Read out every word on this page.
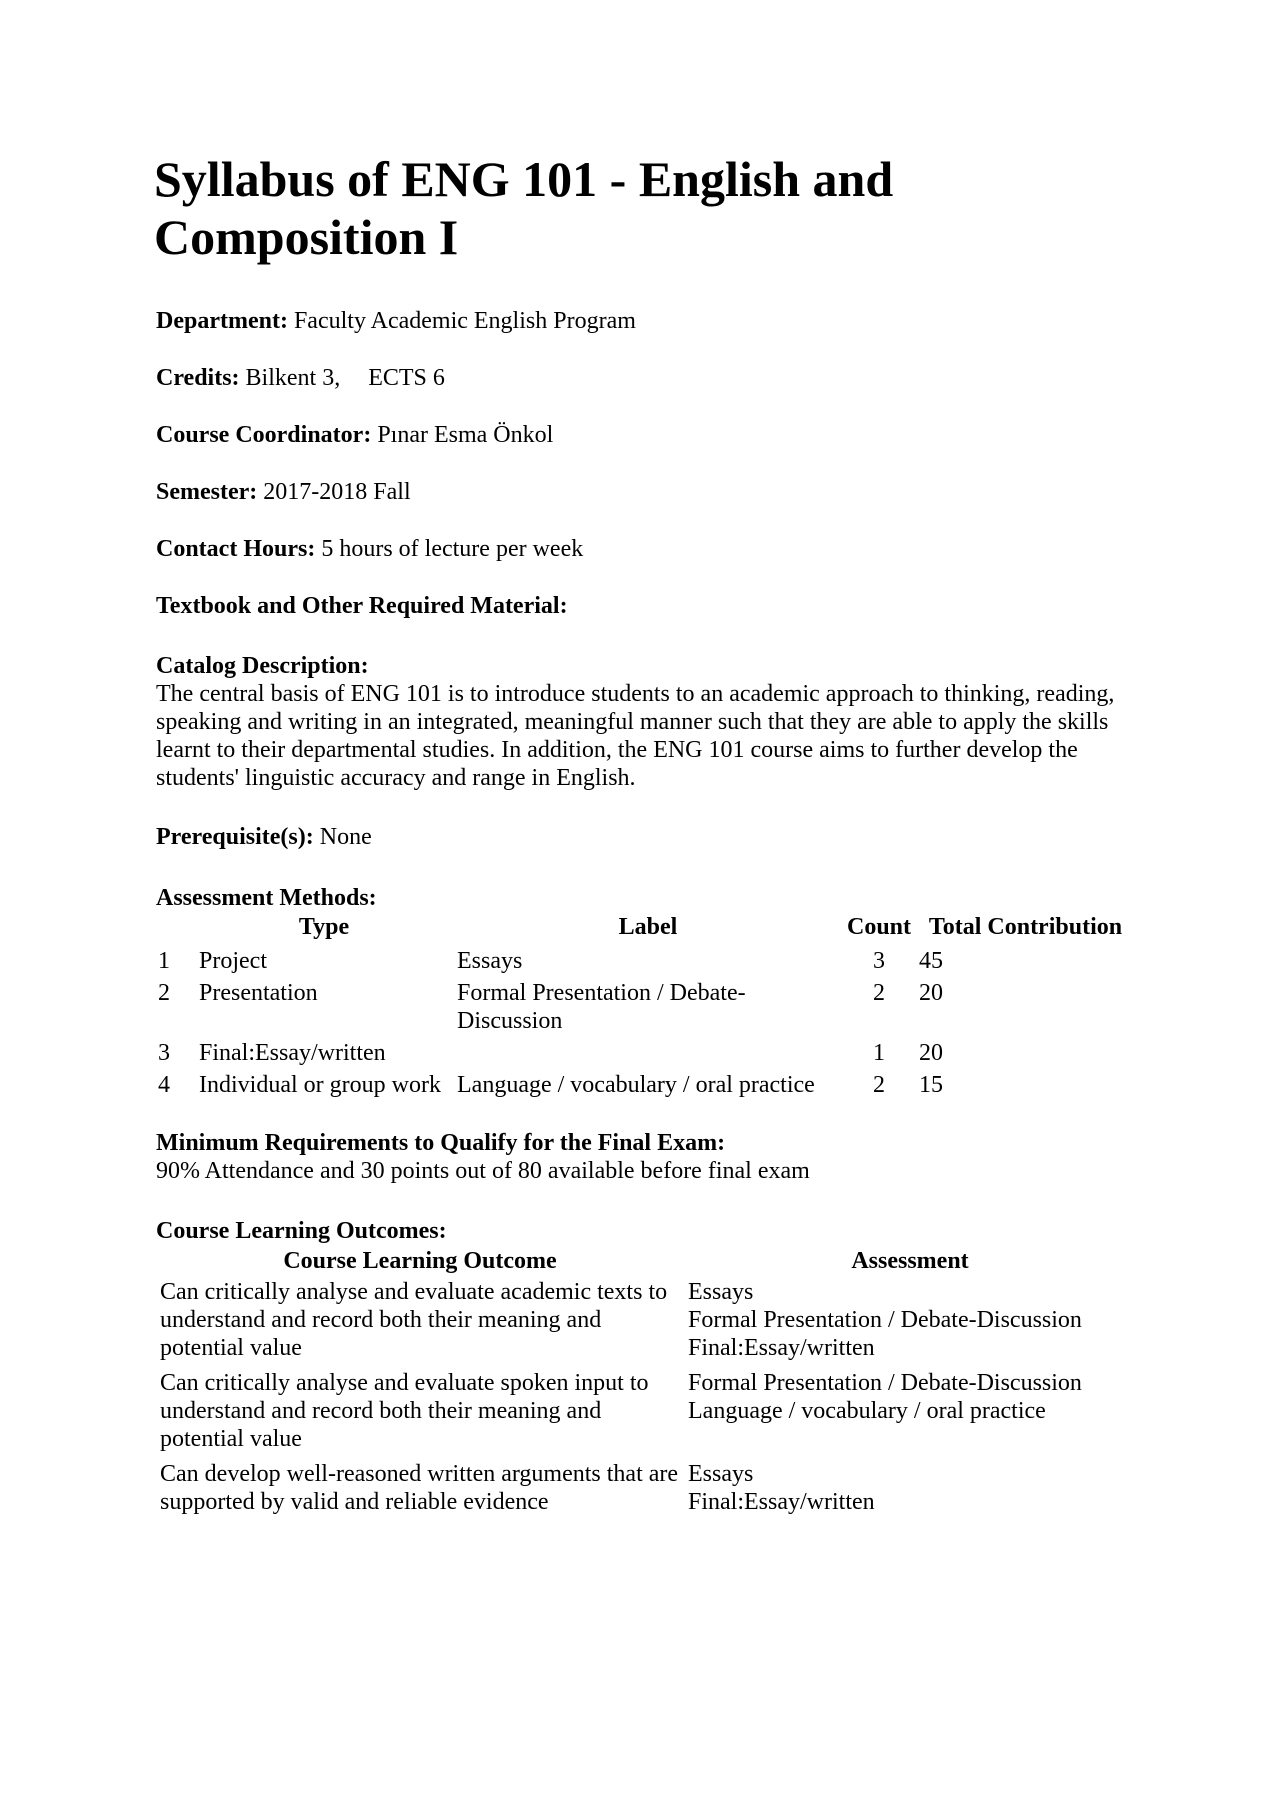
Syllabus of ENG 101 - English and Composition I

Department: Faculty Academic English Program

Credits: Bilkent 3, ECTS 6

Course Coordinator: Pınar Esma Önkol

Semester: 2017-2018 Fall

Contact Hours: 5 hours of lecture per week

Textbook and Other Required Material:

Catalog Description:

The central basis of ENG 101 is to introduce students to an academic approach to thinking, reading, speaking and writing in an integrated, meaningful manner such that they are able to apply the skills learnt to their departmental studies. In addition, the ENG 101 course aims to further develop the students' linguistic accuracy and range in English.

Prerequisite(s): None

Assessment Methods:

	Type	Label	Count	Total Contribution
1	Project	Essays	3	45
2	Presentation	Formal Presentation / Debate-Discussion	2	20
3	Final:Essay/written		1	20
4	Individual or group work	Language / vocabulary / oral practice	2	15

Minimum Requirements to Qualify for the Final Exam:

90% Attendance and 30 points out of 80 available before final exam

Course Learning Outcomes:

Course Learning Outcome	Assessment
Can critically analyse and evaluate academic texts to understand and record both their meaning and potential value	Essays
Formal Presentation / Debate-Discussion
Final:Essay/written

Can critically analyse and evaluate spoken input to understand and record both their meaning and potential value	Formal Presentation / Debate-Discussion
Language / vocabulary / oral practice

Can develop well-reasoned written arguments that are supported by valid and reliable evidence	Essays
Final:Essay/written
